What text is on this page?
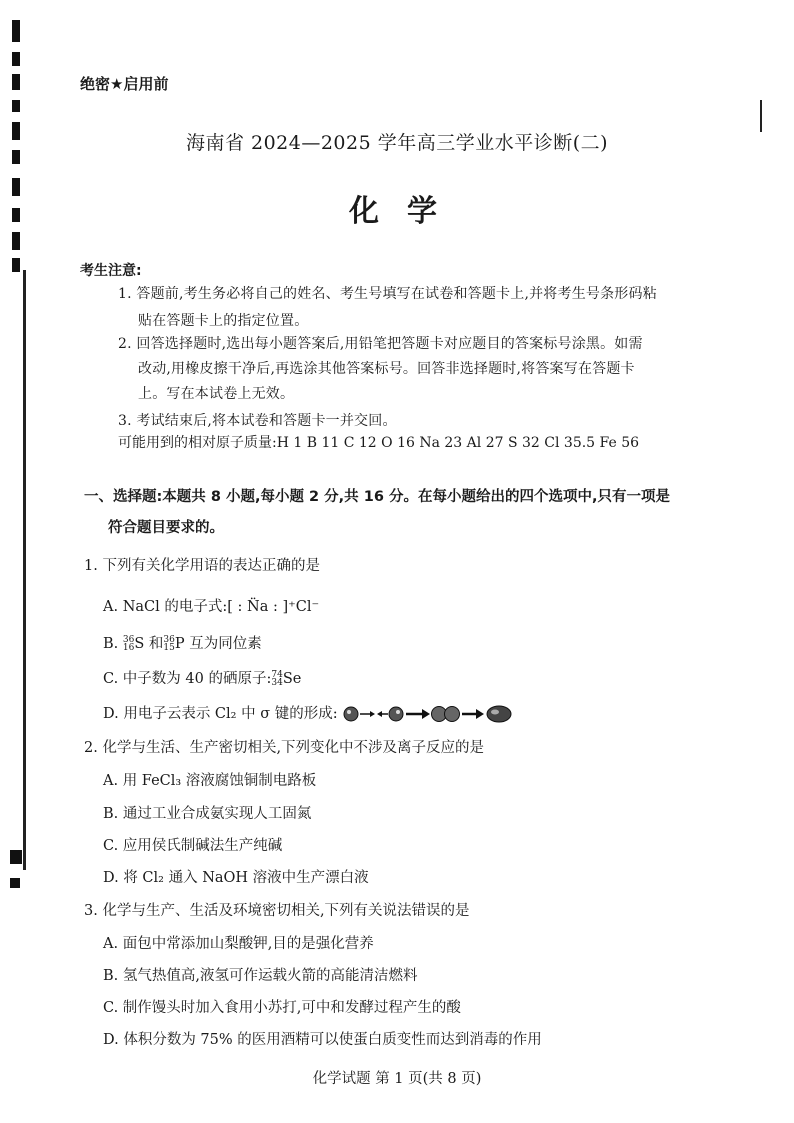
绝密★启用前
海南省 2024—2025 学年高三学业水平诊断(二)
化学
考生注意:
1. 答题前,考生务必将自己的姓名、考生号填写在试卷和答题卡上,并将考生号条形码粘
贴在答题卡上的指定位置。
2. 回答选择题时,选出每小题答案后,用铅笔把答题卡对应题目的答案标号涂黑。如需
改动,用橡皮擦干净后,再选涂其他答案标号。回答非选择题时,将答案写在答题卡
上。写在本试卷上无效。
3. 考试结束后,将本试卷和答题卡一并交回。
可能用到的相对原子质量:H 1 B 11 C 12 O 16 Na 23 Al 27 S 32 Cl 35.5 Fe 56
一、选择题:本题共 8 小题,每小题 2 分,共 16 分。在每小题给出的四个选项中,只有一项是
符合题目要求的。
1. 下列有关化学用语的表达正确的是
A. NaCl 的电子式:[ : N̈a : ]⁺Cl⁻
B. 36
16S 和36
15P 互为同位素
C. 中子数为 40 的硒原子:74
34Se
D. 用电子云表示 Cl₂ 中 σ 键的形成:
2. 化学与生活、生产密切相关,下列变化中不涉及离子反应的是
A. 用 FeCl₃ 溶液腐蚀铜制电路板
B. 通过工业合成氨实现人工固氮
C. 应用侯氏制碱法生产纯碱
D. 将 Cl₂ 通入 NaOH 溶液中生产漂白液
3. 化学与生产、生活及环境密切相关,下列有关说法错误的是
A. 面包中常添加山梨酸钾,目的是强化营养
B. 氢气热值高,液氢可作运载火箭的高能清洁燃料
C. 制作馒头时加入食用小苏打,可中和发酵过程产生的酸
D. 体积分数为 75% 的医用酒精可以使蛋白质变性而达到消毒的作用
化学试题 第 1 页(共 8 页)
